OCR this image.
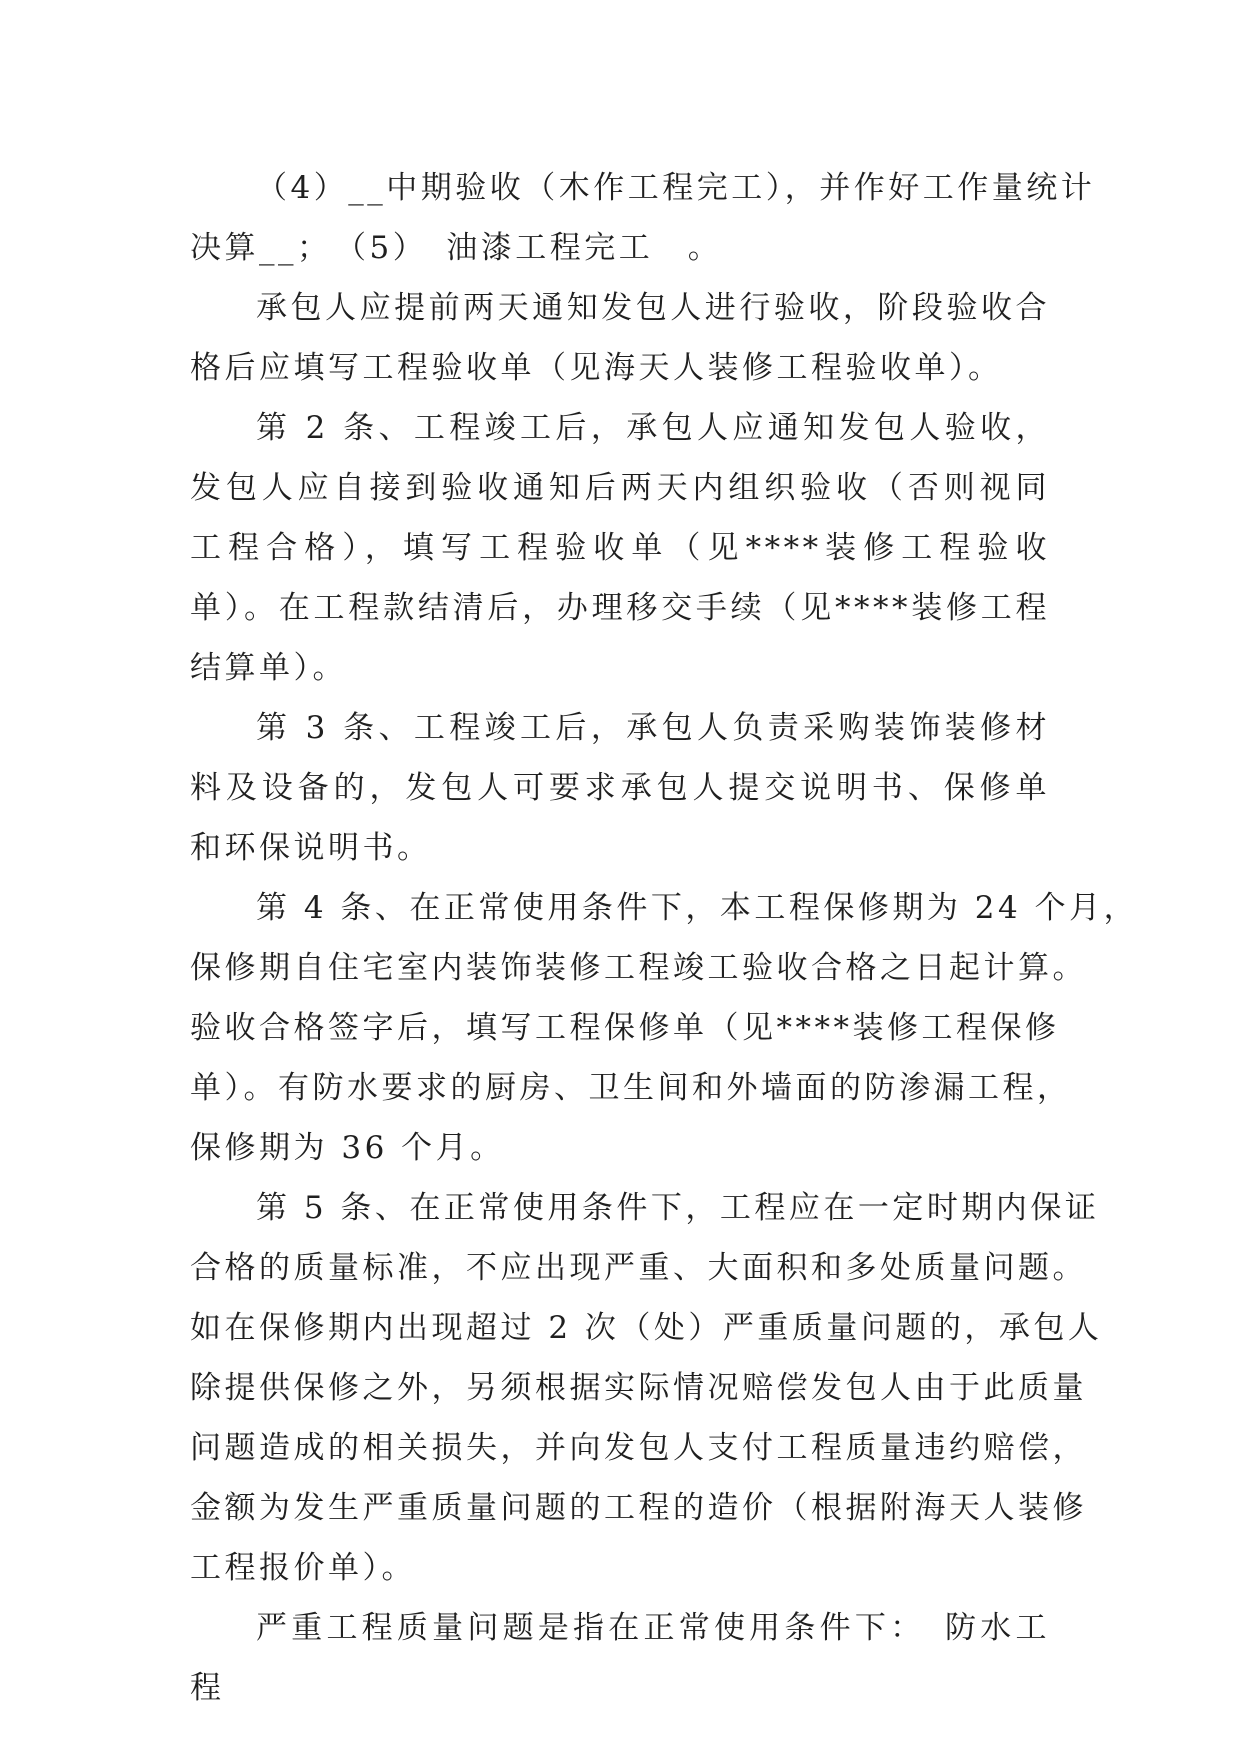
（4）__中期验收（木作工程完工），并作好工作量统计
决算__；　（5）　油漆工程完工　。

承包人应提前两天通知发包人进行验收，阶段验收合格后应填写工程验收单（见海天人装修工程验收单）。

第 2 条、工程竣工后，承包人应通知发包人验收，发包人应自接到验收通知后两天内组织验收（否则视同工程合格），填写工程验收单（见****装修工程验收单）。在工程款结清后，办理移交手续（见****装修工程结算单）。

第 3 条、工程竣工后，承包人负责采购装饰装修材料及设备的，发包人可要求承包人提交说明书、保修单和环保说明书。

第 4 条、在正常使用条件下，本工程保修期为 24 个月，
保修期自住宅室内装饰装修工程竣工验收合格之日起计算。
验收合格签字后，填写工程保修单（见****装修工程保修
单）。有防水要求的厨房、卫生间和外墙面的防渗漏工程，
保修期为 36 个月。
第 5 条、在正常使用条件下，工程应在一定时期内保证
合格的质量标准，不应出现严重、大面积和多处质量问题。
如在保修期内出现超过 2 次（处）严重质量问题的，承包人
除提供保修之外，另须根据实际情况赔偿发包人由于此质量
问题造成的相关损失，并向发包人支付工程质量违约赔偿，
金额为发生严重质量问题的工程的造价（根据附海天人装修
工程报价单）。

严重工程质量问题是指在正常使用条件下：　防水工程
